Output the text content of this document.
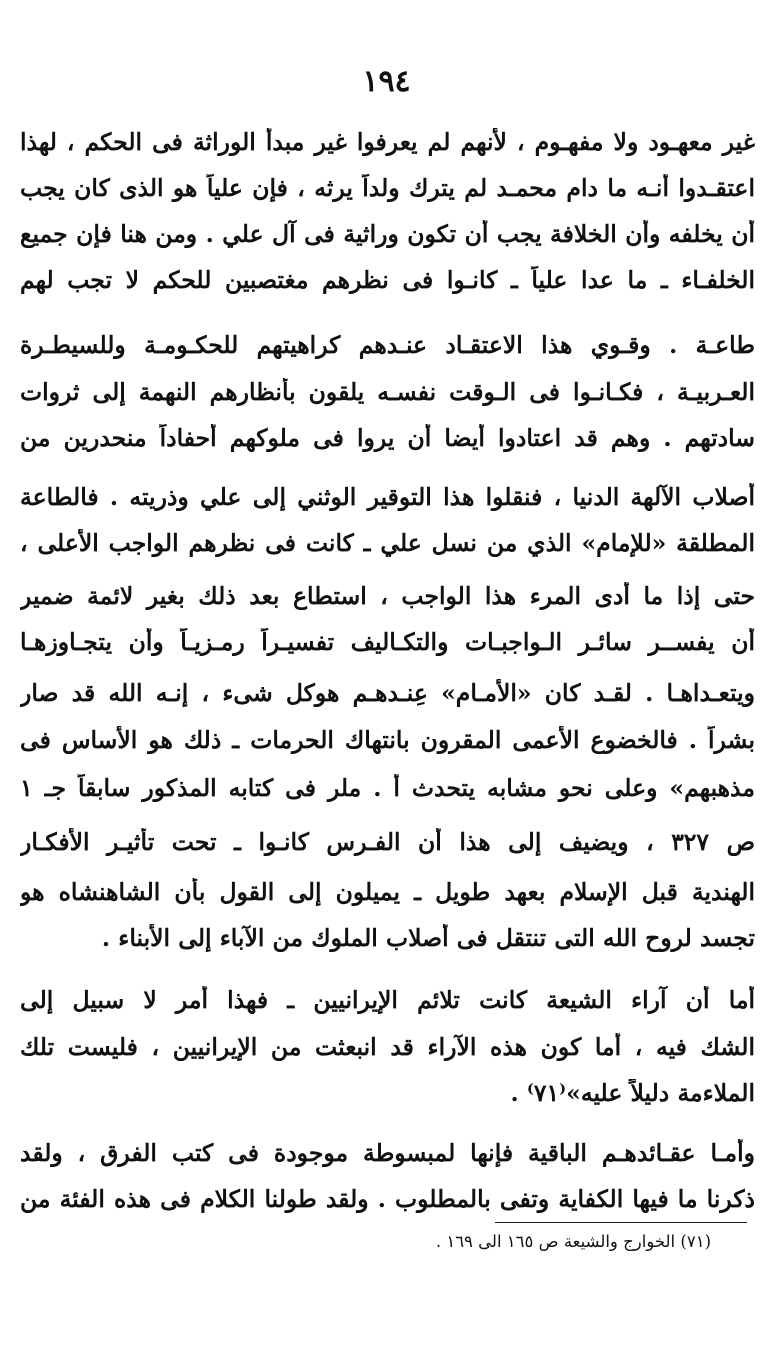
١٩٤
غير معهـود ولا مفهـوم ، لأنهم لم يعرفوا غير مبدأ الوراثة فى الحكم ، لهذا
اعتقـدوا أنـه ما دام محمـد لم يترك ولداً يرثه ، فإن علياً هو الذى كان يجب
أن يخلفه وأن الخلافة يجب أن تكون وراثية فى آل علي . ومن هنا فإن جميع
الخلفـاء ـ ما عدا علياً ـ كانـوا فى نظرهم مغتصبين للحكم لا تجب لهم
طاعـة . وقـوي هذا الاعتقـاد عنـدهم كراهيتهم للحكـومـة وللسيطـرة
العـربيـة ، فكـانـوا فى الـوقت نفسـه يلقون بأنظارهم النهمة إلى ثروات
سادتهم . وهم قد اعتادوا أيضا أن يروا فى ملوكهم أحفاداً منحدرين من
أصلاب الآلهة الدنيا ، فنقلوا هذا التوقير الوثني إلى علي وذريته . فالطاعة
المطلقة «للإمام» الذي من نسل علي ـ كانت فى نظرهم الواجب الأعلى ،
حتى إذا ما أدى المرء هذا الواجب ، استطاع بعد ذلك بغير لائمة ضمير
أن يفســر سائـر الـواجبـات والتكـاليف تفسيـراً رمـزيـاً وأن يتجـاوزهـا
ويتعـداهـا . لقـد كان «الأمـام» عِنـدهـم هوكل شىء ، إنـه الله قد صار
بشراً . فالخضوع الأعمى المقرون بانتهاك الحرمات ـ ذلك هو الأساس فى
مذهبهم» وعلى نحو مشابه يتحدث أ . ملر فى كتابه المذكور سابقاً جـ ١
ص ٣٢٧ ، ويضيف إلى هذا أن الفـرس كانـوا ـ تحت تأثيـر الأفكـار
الهندية قبل الإسلام بعهد طويل ـ يميلون إلى القول بأن الشاهنشاه هو
تجسد لروح الله التى تنتقل فى أصلاب الملوك من الآباء إلى الأبناء .
أما أن آراء الشيعة كانت تلائم الإيرانيين ـ فهذا أمر لا سبيل إلى
الشك فيه ، أما كون هذه الآراء قد انبعثت من الإيرانيين ، فليست تلك
الملاءمة دليلاً عليه»⁽٧١⁾ .
وأمـا عقـائدهـم الباقية فإنها لمبسوطة موجودة فى كتب الفرق ، ولقد
ذكرنا ما فيها الكفاية وتفى بالمطلوب . ولقد طولنا الكلام فى هذه الفئة من
(٧١) الخوارج والشيعة ص ١٦٥ الى ١٦٩ .
